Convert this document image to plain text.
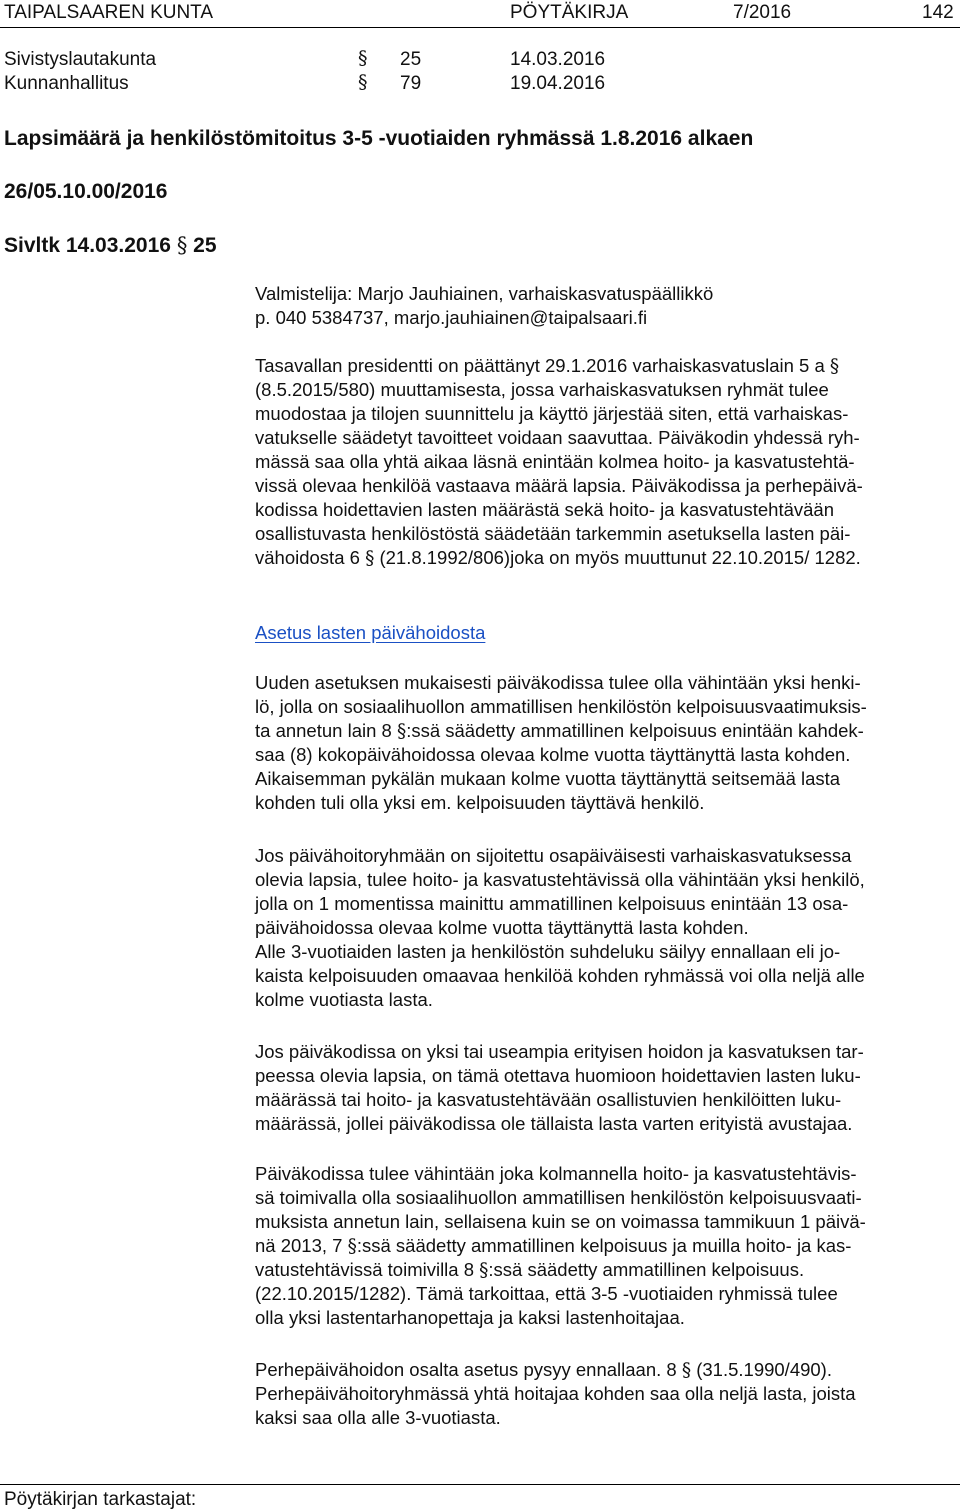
TAIPALSAAREN KUNTA	PÖYTÄKIRJA	7/2016	142
Sivistyslautakunta	§ 25	14.03.2016
Kunnanhallitus	§ 79	19.04.2016
Lapsimäärä ja henkilöstömitoitus 3-5 -vuotiaiden ryhmässä 1.8.2016 alkaen
26/05.10.00/2016
Sivltk 14.03.2016 § 25
Valmistelija: Marjo Jauhiainen, varhaiskasvatuspäällikkö
p. 040 5384737, marjo.jauhiainen@taipalsaari.fi
Tasavallan presidentti on päättänyt 29.1.2016 varhaiskasvatuslain 5 a §
(8.5.2015/580) muuttamisesta, jossa varhaiskasvatuksen ryhmät tulee
muodostaa ja tilojen suunnittelu ja käyttö järjestää siten, että varhaiskas-
vatukselle säädetyt tavoitteet voidaan saavuttaa. Päiväkodin yhdessä ryh-
mässä saa olla yhtä aikaa läsnä enintään kolmea hoito- ja kasvatustehtä-
vissä olevaa henkilöä vastaava määrä lapsia. Päiväkodissa ja perhepäivä-
kodissa hoidettavien lasten määrästä sekä hoito- ja kasvatustehtävään
osallistuvasta henkilöstöstä säädetään tarkemmin asetuksella lasten päi-
vähoidosta 6 § (21.8.1992/806)joka on myös muuttunut 22.10.2015/ 1282.
Asetus lasten päivähoidosta
Uuden asetuksen mukaisesti päiväkodissa tulee olla vähintään yksi henki-
lö, jolla on sosiaalihuollon ammatillisen henkilöstön kelpoisuusvaatimuksis-
ta annetun lain 8 §:ssä säädetty ammatillinen kelpoisuus enintään kahdek-
saa (8) kokopäivähoidossa olevaa kolme vuotta täyttänyttä lasta kohden.
Aikaisemman pykälän mukaan kolme vuotta täyttänyttä seitsemää lasta
kohden tuli olla yksi em. kelpoisuuden täyttävä henkilö.
Jos päivähoitoryhmään on sijoitettu osapäiväisesti varhaiskasvatuksessa
olevia lapsia, tulee hoito- ja kasvatustehtävissä olla vähintään yksi henkilö,
jolla on 1 momentissa mainittu ammatillinen kelpoisuus enintään 13 osa-
päivähoidossa olevaa kolme vuotta täyttänyttä lasta kohden.
Alle 3-vuotiaiden lasten ja henkilöstön suhdeluku säilyy ennallaan eli jo-
kaista kelpoisuuden omaavaa henkilöä kohden ryhmässä voi olla neljä alle
kolme vuotiasta lasta.
Jos päiväkodissa on yksi tai useampia erityisen hoidon ja kasvatuksen tar-
peessa olevia lapsia, on tämä otettava huomioon hoidettavien lasten luku-
määrässä tai hoito- ja kasvatustehtävään osallistuvien henkilöitten luku-
määrässä, jollei päiväkodissa ole tällaista lasta varten erityistä avustajaa.
Päiväkodissa tulee vähintään joka kolmannella hoito- ja kasvatustehtävis-
sä toimivalla olla sosiaalihuollon ammatillisen henkilöstön kelpoisuusvaati-
muksista annetun lain, sellaisena kuin se on voimassa tammikuun 1 päivä-
nä 2013, 7 §:ssä säädetty ammatillinen kelpoisuus ja muilla hoito- ja kas-
vatustehtävissä toimivilla 8 §:ssä säädetty ammatillinen kelpoisuus.
(22.10.2015/1282). Tämä tarkoittaa, että 3-5 -vuotiaiden ryhmissä tulee
olla yksi lastentarhanopettaja ja kaksi lastenhoitajaa.
Perhepäivähoidon osalta asetus pysyy ennallaan. 8 § (31.5.1990/490).
Perhepäivähoitoryhmässä yhtä hoitajaa kohden saa olla neljä lasta, joista
kaksi saa olla alle 3-vuotiasta.
Pöytäkirjan tarkastajat:
